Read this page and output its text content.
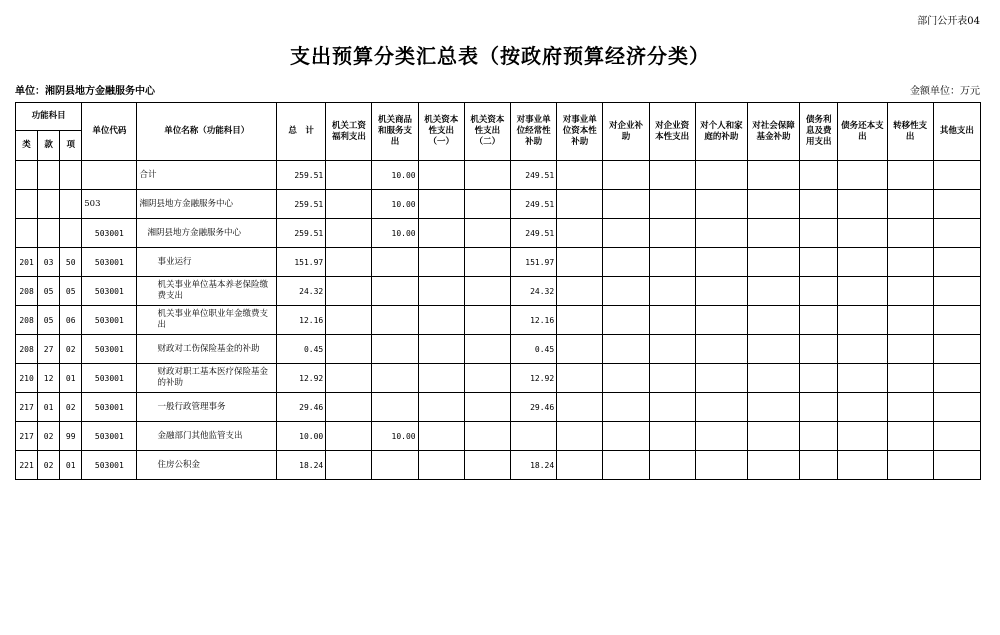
部门公开表04
支出预算分类汇总表（按政府预算经济分类）
单位：湘阴县地方金融服务中心	金额单位：万元
功能科目			单位代码	单位名称（功能科目）	总　计	机关工资福利支出	机关商品和服务支出	机关资本性支出（一）	机关资本性支出（二）	对事业单位经常性补助	对事业单位资本性补助	对企业补助	对企业资本性支出	对个人和家庭的补助	对社会保障基金补助	债务利息及费用支出	债务还本支出	转移性支出	其他支出
类	款	项																	
				合计	259.51		10.00			249.51									
			503	湘阴县地方金融服务中心	259.51		10.00			249.51									
			503001	湘阴县地方金融服务中心	259.51		10.00			249.51									
201	03	50	503001	事业运行	151.97					151.97									
208	05	05	503001	机关事业单位基本养老保险缴费支出	24.32					24.32									
208	05	06	503001	机关事业单位职业年金缴费支出	12.16					12.16									
208	27	02	503001	财政对工伤保险基金的补助	0.45					0.45									
210	12	01	503001	财政对职工基本医疗保险基金的补助	12.92					12.92									
217	01	02	503001	一般行政管理事务	29.46					29.46									
217	02	99	503001	金融部门其他监管支出	10.00		10.00												
221	02	01	503001	住房公积金	18.24					18.24									
